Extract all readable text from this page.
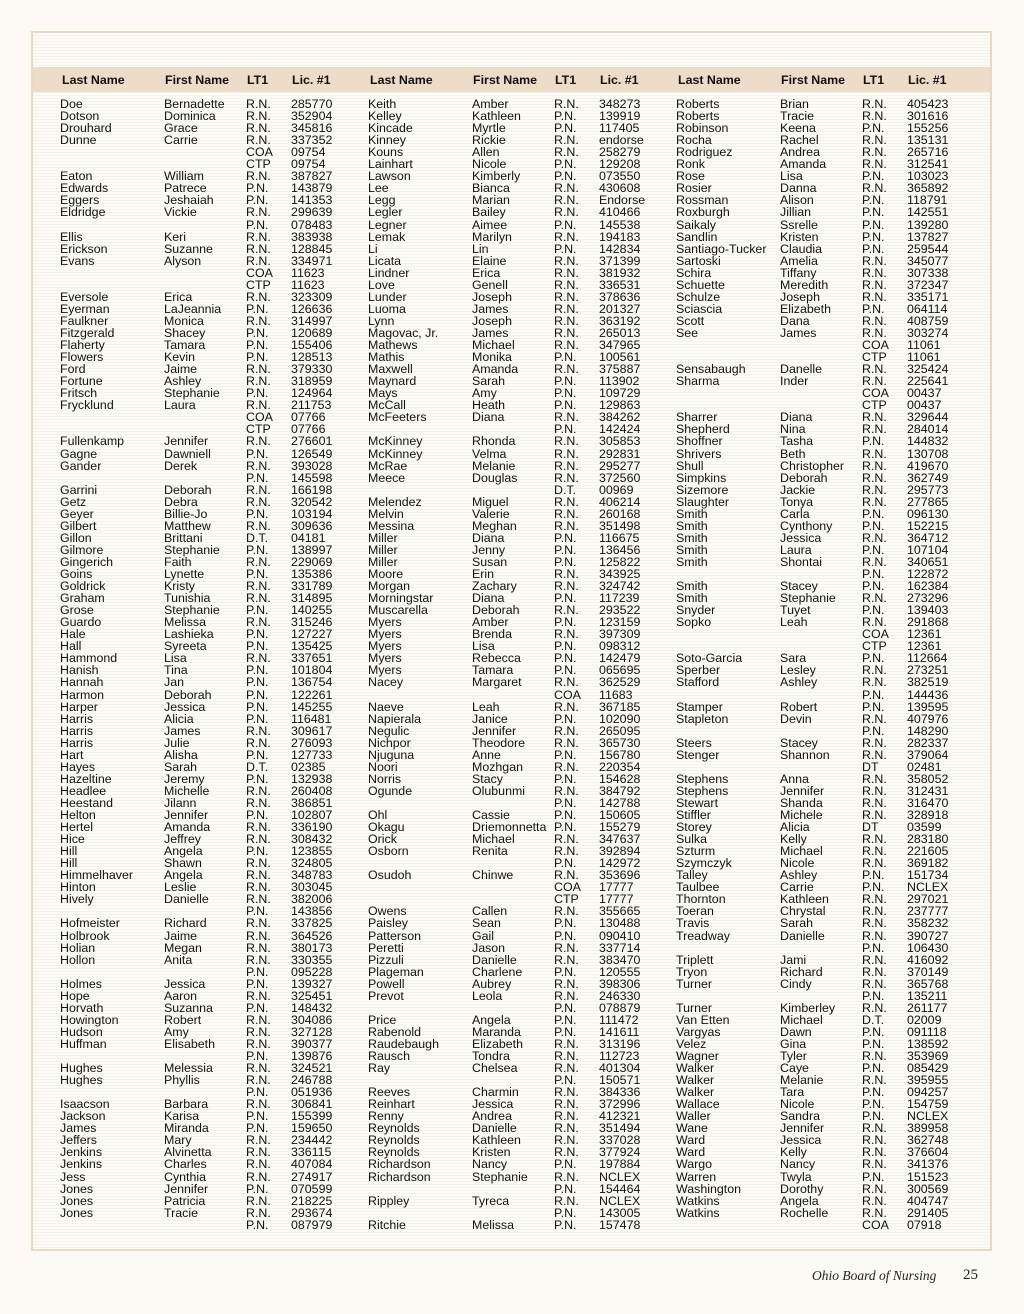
Last Name	First Name LT1 Lic. #1	Last Name	First Name LT1 Lic. #1	Last Name	First Name LT1 Lic. #1
Doe	Bernadette R.N. 285770
Dotson	Dominica R.N. 352904
Drouhard	Grace	R.N. 345816
Dunne	Carrie	R.N. 337352
COA 09754
CTP 09754
Eaton	William	R.N. 387827
Edwards	Patrece	P.N. 143879
Eggers	Jeshaiah	P.N. 141353
Eldridge	Vickie	R.N. 299639
P.N. 078483
Ellis	Keri	R.N. 383938
Erickson	Suzanne	R.N. 128845
Evans	Alyson	R.N. 334971
COA 11623
CTP 11623
Eversole	Erica	R.N. 323309
Eyerman	LaJeannia P.N. 126636
Faulkner	Monica	R.N. 314997
Fitzgerald	Shacey	P.N. 120689
Flaherty	Tamara	P.N. 155406
Flowers	Kevin	P.N. 128513
Ford	Jaime	R.N. 379330
Fortune	Ashley	R.N. 318959
Fritsch	Stephanie P.N. 124964
Frycklund	Laura	R.N. 211753
COA 07766
CTP 07766
Fullenkamp	Jennifer	R.N. 276601
Gagne	Dawniell	P.N. 126549
Gander	Derek	R.N. 393028
P.N. 145598
Garrini	Deborah	R.N. 166198
Getz	Debra	R.N. 320542
Geyer	Billie-Jo	P.N. 103194
Gilbert	Matthew	R.N. 309636
Gillon	Brittani	D.T. 04181
Gilmore	Stephanie P.N. 138997
Gingerich	Faith	R.N. 229069
Goins	Lynette	P.N. 135386
Goldrick	Kristy	R.N. 331789
Graham	Tunishia	R.N. 314895
Grose	Stephanie P.N. 140255
Guardo	Melissa	R.N. 315246
Hale	Lashieka	P.N. 127227
Hall	Syreeta	P.N. 135425
Hammond	Lisa	R.N. 337651
Hanish	Tina	P.N. 101804
Hannah	Jan	P.N. 136754
Harmon	Deborah	P.N. 122261
Harper	Jessica	P.N. 145255
Harris	Alicia	P.N. 116481
Harris	James	R.N. 309617
Harris	Julie	R.N. 276093
Hart	Alisha	P.N. 127733
Hayes	Sarah	D.T. 02385
Hazeltine	Jeremy	P.N. 132938
Headlee	Michelle	R.N. 260408
Heestand	Jilann	R.N. 386851
Helton	Jennifer	P.N. 102807
Hertel	Amanda	R.N. 336190
Hice	Jeffrey	R.N. 308432
Hill	Angela	P.N. 123855
Hill	Shawn	R.N. 324805
Himmelhaver	Angela	R.N. 348783
Hinton	Leslie	R.N. 303045
Hively	Danielle	R.N. 382006
P.N. 143856
Hofmeister	Richard	R.N. 337825
Holbrook	Jaime	R.N. 364526
Holian	Megan	R.N. 380173
Hollon	Anita	R.N. 330355
P.N. 095228
Holmes	Jessica	P.N. 139327
Hope	Aaron	R.N. 325451
Horvath	Suzanna	P.N. 148432
Howington	Robert	R.N. 304086
Hudson	Amy	R.N. 327128
Huffman	Elisabeth	R.N. 390377
P.N. 139876
Hughes	Melessia	R.N. 324521
Hughes	Phyllis	R.N. 246788
P.N. 051936
Isaacson	Barbara	R.N. 306841
Jackson	Karisa	P.N. 155399
James	Miranda	P.N. 159650
Jeffers	Mary	R.N. 234442
Jenkins	Alvinetta	R.N. 336115
Jenkins	Charles	R.N. 407084
Jess	Cynthia	R.N. 274917
Jones	Jennifer	P.N. 070599
Jones	Patricia	R.N. 218225
Jones	Tracie	R.N. 293674
P.N. 087979
Keith	Amber	R.N. 348273
Kelley	Kathleen	P.N. 139919
Kincade	Myrtle	P.N. 117405
Kinney	Rickie	R.N. endorse
Kouns	Allen	R.N. 258279
Lainhart	Nicole	P.N. 129208
Lawson	Kimberly	P.N. 073550
Lee	Bianca	R.N. 430608
Legg	Marian	R.N. Endorse
Legler	Bailey	R.N. 410466
Legner	Aimee	P.N. 145538
Lemak	Marilyn	R.N. 194183
Li	Lin	P.N. 142834
Licata	Elaine	R.N. 371399
Lindner	Erica	R.N. 381932
Love	Genell	R.N. 336531
Lunder	Joseph	R.N. 378636
Luoma	James	R.N. 201327
Lynn	Joseph	R.N. 363192
Magovac, Jr.	James	R.N. 265013
Mathews	Michael	R.N. 347965
Mathis	Monika	P.N. 100561
Maxwell	Amanda	R.N. 375887
Maynard	Sarah	P.N. 113902
Mays	Amy	P.N. 109729
McCall	Heath	P.N. 129863
McFeeters	Diana	R.N. 384262
P.N. 142424
McKinney	Rhonda	R.N. 305853
McKinney	Velma	R.N. 292831
McRae	Melanie	R.N. 295277
Meece	Douglas	R.N. 372560
D.T. 00969
Melendez	Miguel	R.N. 406214
Melvin	Valerie	R.N. 260168
Messina	Meghan	R.N. 351498
Miller	Diana	P.N. 116675
Miller	Jenny	P.N. 136456
Miller	Susan	P.N. 125822
Moore	Erin	R.N. 343925
Morgan	Zachary	R.N. 324742
Morningstar	Diana	P.N. 117239
Muscarella	Deborah	R.N. 293522
Myers	Amber	P.N. 123159
Myers	Brenda	R.N. 397309
Myers	Lisa	P.N. 098312
Myers	Rebecca	P.N. 142479
Myers	Tamara	P.N. 065695
Nacey	Margaret	R.N. 362529
COA 11683
Naeve	Leah	R.N. 367185
Napierala	Janice	P.N. 102090
Negulic	Jennifer	R.N. 265095
Nichpor	Theodore R.N. 365730
Njuguna	Anne	P.N. 156780
Noori	Mozhgan	R.N. 220354
Norris	Stacy	P.N. 154628
Ogunde	Olubunmi R.N. 384792
P.N. 142788
Ohl	Cassie	P.N. 150605
Okagu	Driemonnetta P.N. 155279
Orick	Michael	R.N. 347637
Osborn	Renita	R.N. 392894
P.N. 142972
Osudoh	Chinwe	R.N. 353696
COA 17777
CTP 17777
Owens	Callen	R.N. 355665
Paisley	Sean	P.N. 130488
Patterson	Gail	P.N. 090410
Peretti	Jason	R.N. 337714
Pizzuli	Danielle	R.N. 383470
Plageman	Charlene	P.N. 120555
Powell	Aubrey	R.N. 398306
Prevot	Leola	R.N. 246330
P.N. 078879
Price	Angela	P.N. 111472
Rabenold	Maranda	P.N. 141611
Raudebaugh	Elizabeth	R.N. 313196
Rausch	Tondra	R.N. 112723
Ray	Chelsea	R.N. 401304
P.N. 150571
Reeves	Charmin	R.N. 384336
Reinhart	Jessica	R.N. 372996
Renny	Andrea	R.N. 412321
Reynolds	Danielle	R.N. 351494
Reynolds	Kathleen	R.N. 337028
Reynolds	Kristen	R.N. 377924
Richardson	Nancy	P.N. 197884
Richardson	Stephanie R.N. NCLEX
P.N. 154464
Rippley	Tyreca	R.N. NCLEX
P.N. 143005
Ritchie	Melissa	P.N. 157478
Roberts	Brian	R.N. 405423
Roberts	Tracie	R.N. 301616
Robinson	Keena	P.N. 155256
Rocha	Rachel	R.N. 135131
Rodriguez	Andrea	R.N. 265716
Ronk	Amanda	R.N. 312541
Rose	Lisa	P.N. 103023
Rosier	Danna	R.N. 365892
Rossman	Alison	P.N. 118791
Roxburgh	Jillian	P.N. 142551
Saikaly	Ssrelle	P.N. 139280
Sandlin	Kristen	P.N. 137827
Santiago-Tucker Claudia	P.N. 259544
Sartoski	Amelia	R.N. 345077
Schira	Tiffany	R.N. 307338
Schuette	Meredith	R.N. 372347
Schulze	Joseph	R.N. 335171
Sciascia	Elizabeth	P.N. 064114
Scott	Dana	R.N. 408759
See	James	R.N. 303274
COA 11061
CTP 11061
Sensabaugh	Danelle	R.N. 325424
Sharma	Inder	R.N. 225641
COA 00437
CTP 00437
Sharrer	Diana	R.N. 329644
Shepherd	Nina	R.N. 284014
Shoffner	Tasha	P.N. 144832
Shrivers	Beth	R.N. 130708
Shull	Christopher R.N. 419670
Simpkins	Deborah	R.N. 362749
Sizemore	Jackie	R.N. 295773
Slaughter	Tonya	R.N. 277865
Smith	Carla	P.N. 096130
Smith	Cynthony P.N. 152215
Smith	Jessica	R.N. 364712
Smith	Laura	P.N. 107104
Smith	Shontai	R.N. 340651
P.N. 122872
Smith	Stacey	P.N. 162384
Smith	Stephanie R.N. 273296
Snyder	Tuyet	P.N. 139403
Sopko	Leah	R.N. 291868
COA 12361
CTP 12361
Soto-Garcia	Sara	P.N. 112664
Sperber	Lesley	R.N. 273251
Stafford	Ashley	R.N. 382519
P.N. 144436
Stamper	Robert	P.N. 139595
Stapleton	Devin	R.N. 407976
P.N. 148290
Steers	Stacey	R.N. 282337
Stenger	Shannon	R.N. 379064
DT 02481
Stephens	Anna	R.N. 358052
Stephens	Jennifer	R.N. 312431
Stewart	Shanda	R.N. 316470
Stiffler	Michele	R.N. 328918
Storey	Alicia	DT 03599
Sulka	Kelly	R.N. 283180
Szturm	Michael	R.N. 221605
Szymczyk	Nicole	R.N. 369182
Talley	Ashley	P.N. 151734
Taulbee	Carrie	P.N. NCLEX
Thornton	Kathleen	R.N. 297021
Toeran	Chrystal	R.N. 237777
Travis	Sarah	R.N. 358232
Treadway	Danielle	R.N. 390727
P.N. 106430
Triplett	Jami	R.N. 416092
Tryon	Richard	R.N. 370149
Turner	Cindy	R.N. 365768
P.N. 135211
Turner	Kimberley R.N. 261177
Van Etten	Michael	D.T. 02009
Vargyas	Dawn	P.N. 091118
Velez	Gina	P.N. 138592
Wagner	Tyler	R.N. 353969
Walker	Caye	P.N. 085429
Walker	Melanie	R.N. 395955
Walker	Tara	P.N. 094257
Wallace	Nicole	P.N. 154759
Waller	Sandra	P.N. NCLEX
Wane	Jennifer	R.N. 389958
Ward	Jessica	R.N. 362748
Ward	Kelly	R.N. 376604
Wargo	Nancy	R.N. 341376
Warren	Twyla	P.N. 151523
Washington	Dorothy	R.N. 300569
Watkins	Angela	R.N. 404747
Watkins	Rochelle	R.N. 291405
COA 07918
Ohio Board of Nursing 25
